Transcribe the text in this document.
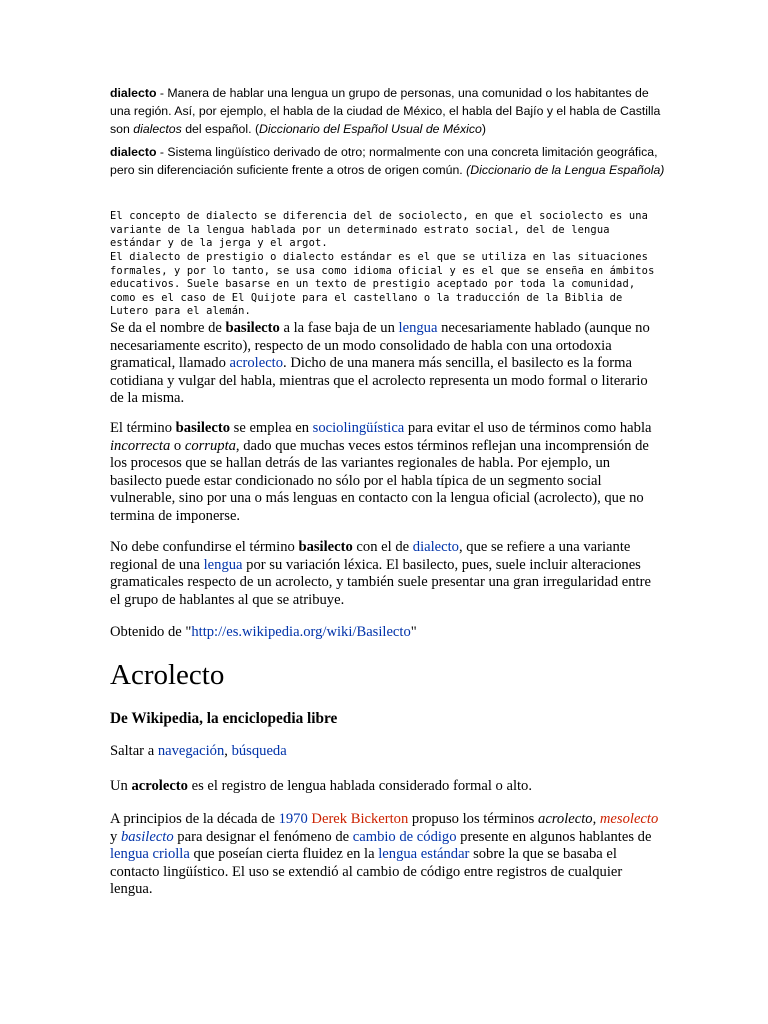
dialecto - Manera de hablar una lengua un grupo de personas, una comunidad o los habitantes de una región. Así, por ejemplo, el habla de la ciudad de México, el habla del Bajío y el habla de Castilla son dialectos del español. (Diccionario del Español Usual de México)

dialecto - Sistema lingüístico derivado de otro; normalmente con una concreta limitación geográfica, pero sin diferenciación suficiente frente a otros de origen común. (Diccionario de la Lengua Española)

El concepto de dialecto se diferencia del de sociolecto, en que el sociolecto es una variante de la lengua hablada por un determinado estrato social, del de lengua estándar y de la jerga y el argot.

El dialecto de prestigio o dialecto estándar es el que se utiliza en las situaciones formales, y por lo tanto, se usa como idioma oficial y es el que se enseña en ámbitos educativos. Suele basarse en un texto de prestigio aceptado por toda la comunidad, como es el caso de El Quijote para el castellano o la traducción de la Biblia de Lutero para el alemán.

Se da el nombre de basilecto a la fase baja de un lengua necesariamente hablado (aunque no necesariamente escrito), respecto de un modo consolidado de habla con una ortodoxia gramatical, llamado acrolecto. Dicho de una manera más sencilla, el basilecto es la forma cotidiana y vulgar del habla, mientras que el acrolecto representa un modo formal o literario de la misma.

El término basilecto se emplea en sociolingüística para evitar el uso de términos como habla incorrecta o corrupta, dado que muchas veces estos términos reflejan una incomprensión de los procesos que se hallan detrás de las variantes regionales de habla. Por ejemplo, un basilecto puede estar condicionado no sólo por el habla típica de un segmento social vulnerable, sino por una o más lenguas en contacto con la lengua oficial (acrolecto), que no termina de imponerse.

No debe confundirse el término basilecto con el de dialecto, que se refiere a una variante regional de una lengua por su variación léxica. El basilecto, pues, suele incluir alteraciones gramaticales respecto de un acrolecto, y también suele presentar una gran irregularidad entre el grupo de hablantes al que se atribuye.

Obtenido de "http://es.wikipedia.org/wiki/Basilecto"

Acrolecto
De Wikipedia, la enciclopedia libre

Saltar a navegación, búsqueda

Un acrolecto es el registro de lengua hablada considerado formal o alto.

A principios de la década de 1970 Derek Bickerton propuso los términos acrolecto, mesolecto y basilecto para designar el fenómeno de cambio de código presente en algunos hablantes de lengua criolla que poseían cierta fluidez en la lengua estándar sobre la que se basaba el contacto lingüístico. El uso se extendió al cambio de código entre registros de cualquier lengua.
